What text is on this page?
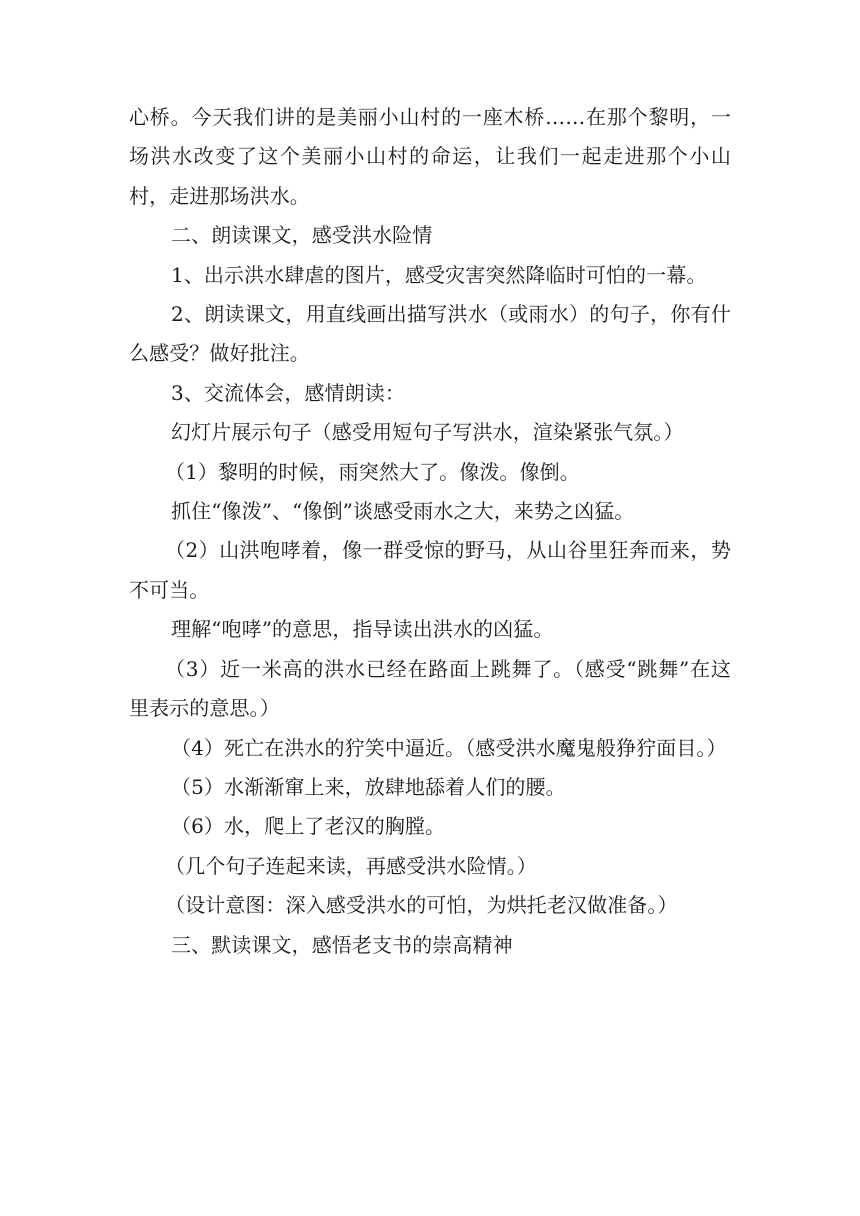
心桥。今天我们讲的是美丽小山村的一座木桥……在那个黎明，一场洪水改变了这个美丽小山村的命运，让我们一起走进那个小山村，走进那场洪水。

二、朗读课文，感受洪水险情

1、出示洪水肆虐的图片，感受灾害突然降临时可怕的一幕。

2、朗读课文，用直线画出描写洪水（或雨水）的句子，你有什么感受？做好批注。

3、交流体会，感情朗读：

幻灯片展示句子（感受用短句子写洪水，渲染紧张气氛。）

（1）黎明的时候，雨突然大了。像泼。像倒。

抓住“像泼”、“像倒”谈感受雨水之大，来势之凶猛。

（2）山洪咆哮着，像一群受惊的野马，从山谷里狂奔而来，势不可当。

理解“咆哮”的意思，指导读出洪水的凶猛。

（3）近一米高的洪水已经在路面上跳舞了。（感受“跳舞”在这里表示的意思。）

（4）死亡在洪水的狞笑中逼近。（感受洪水魔鬼般狰狞面目。）

（5）水渐渐窜上来，放肆地舔着人们的腰。

（6）水，爬上了老汉的胸膛。

（几个句子连起来读，再感受洪水险情。）

（设计意图：深入感受洪水的可怕，为烘托老汉做准备。）

三、默读课文，感悟老支书的崇高精神
